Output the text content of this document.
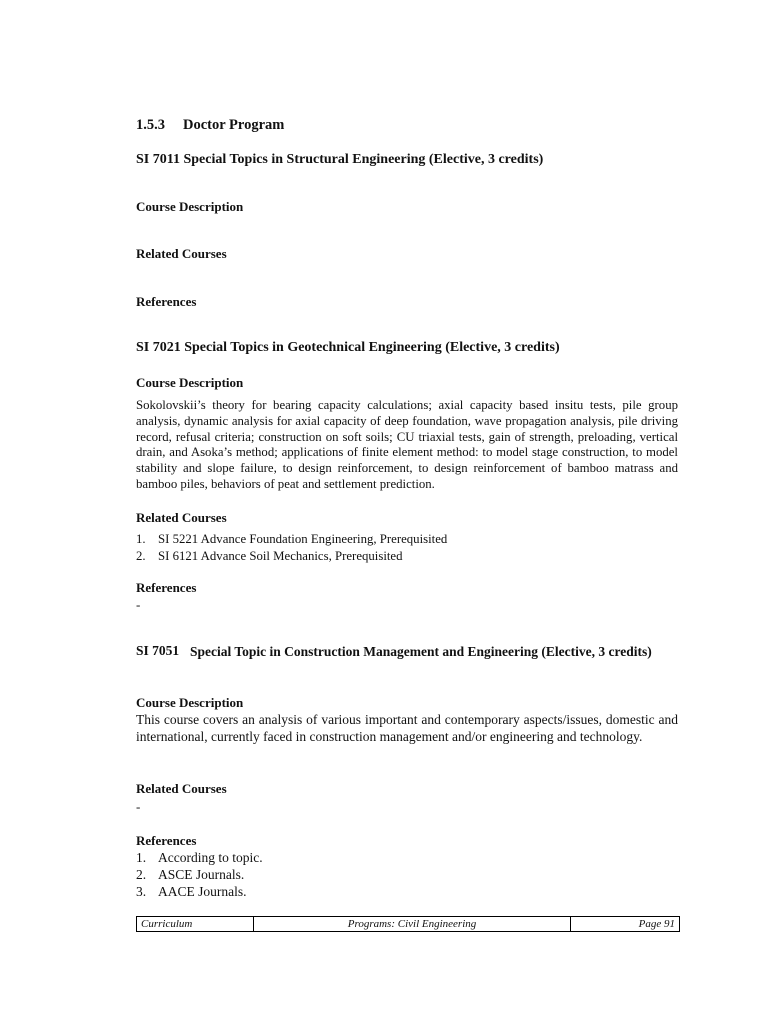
1.5.3 Doctor Program
SI 7011 Special Topics in Structural Engineering (Elective, 3 credits)
Course Description
Related Courses
References
SI 7021 Special Topics in Geotechnical Engineering (Elective, 3 credits)
Course Description
Sokolovskii’s theory for bearing capacity calculations; axial capacity based insitu tests, pile group analysis, dynamic analysis for axial capacity of deep foundation, wave propagation analysis, pile driving record, refusal criteria; construction on soft soils; CU triaxial tests, gain of strength, preloading, vertical drain, and Asoka’s method; applications of finite element method: to model stage construction, to model stability and slope failure, to design reinforcement, to design reinforcement of bamboo matrass and bamboo piles, behaviors of peat and settlement prediction.
Related Courses
1. SI 5221 Advance Foundation Engineering, Prerequisited
2. SI 6121 Advance Soil Mechanics, Prerequisited
References
-
SI 7051 Special Topic in Construction Management and Engineering (Elective, 3 credits)
Course Description
This course covers an analysis of various important and contemporary aspects/issues, domestic and international, currently faced in construction management and/or engineering and technology.
Related Courses
-
References
1. According to topic.
2. ASCE Journals.
3. AACE Journals.
Curriculum	Programs: Civil Engineering	Page 91
